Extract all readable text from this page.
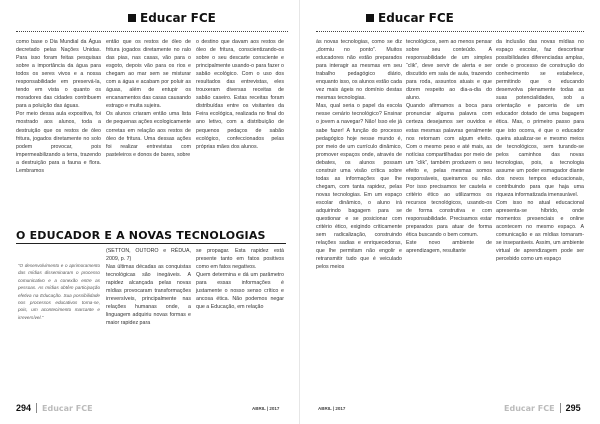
Educar FCE
como base o Dia Mundial da Água decretado pelas Nações Unidas. Para isso foram feitas pesquisas sobre a importância da água para todos os seres vivos e a nossa responsabilidade em preservá-la, tendo em vista o quanto os moradores das cidades contribuem para a poluição das águas.
Por meio dessa aula expositiva, foi mostrado aos alunos, toda a destruição que os restos de óleo fritura, jogados diretamente no solo podem provocar, pois impermeabilizando a terra, trazendo a destruição para a fauna e flora. Lembramos
então que os restos de óleo de fritura jogados diretamente no ralo das pias, nas casas, vão para o esgoto, depois vão para os rios e chegam ao mar sem se misturar com a água e acabam por poluir as águas, além de entupir os encanamentos das casas causando estrago e muita sujeira.
Os alunos criaram então uma lista de pequenas ações ecologicamente corretas em relação aos restos de óleo de fritura. Uma dessas ações foi realizar entrevistas com pasteleiros e donos de bares, sobre
o destino que davam aos restos de óleo de fritura, conscientizando-os sobre o seu descarte consciente e principalmente usando-o para fazer o sabão ecológico. Com o uso dos resultados das entrevistas, eles trouxeram diversas receitas de sabão caseiro. Estas receitas foram distribuídas entre os visitantes da Feira ecológica, realizada no final do ano letivo, com a distribuição de pequenos pedaços de sabão ecológico, confeccionados pelas próprias mães dos alunos.
O EDUCADOR E A NOVAS TECNOLOGIAS
“O desenvolvimento e o aprimoramento das mídias disseminaram o processo comunicativo e a conexão entre as pessoas. As mídias obtêm participação efetiva na Educação. Sua possibilidade nos processos educativos torna-se, pois, um acontecimento marcante e irreversível.”
(SETTON, OUTORO e RÉDUA, 2009, p. 7)
Nas últimas décadas as conquistas tecnológicas são inegáveis. A rapidez alcançada pelas novas mídias provocaram transformações irreversíveis, principalmente nas relações humanas onde, a linguagem adquiriu novas formas e maior rapidez para
se propagar. Esta rapidez está presente tanto em fatos positivos como em fatos negativos.
Quem determina e dá um parâmetro para essas informações é justamente o nosso senso crítico e ancosa ética. Não podemos negar que a Educação, em relação
294 Educar FCE	ABRIL | 2017
Educar FCE
às novas tecnologias, como se diz „dormiu no ponto”. Muitos educadores não estão preparados para interagir as mesmas em seu trabalho pedagógico diário, enquanto isso, os alunos estão cada vez mais ágeis no domínio destas mesmas tecnologias.
Mas, qual seria o papel da escola nesse cenário tecnológico? Ensinar o jovem a navegar? Não! Isso ele já sabe fazer! A função do processo pedagógico hoje nesse mundo é, por meio de um currículo dinâmico, promover espaços onde, através de debates, os alunos possam construir uma visão crítica sobre todas as informações que lhe chegam, com tanta rapidez, pelas novas tecnologias. Em um espaço escolar dinâmico, o aluno irá adquirindo bagagem para se questionar e se posicionar com critério ético, exigindo criticamente sem radicalização, construindo relações sadias e enriquecedoras, que lhe permitam não engolir e retransmitir tudo que é veiculado pelos meios
tecnológicos, sem ao menos pensar sobre seu conteúdo. A responsabilidade de um simples “clik”, deve servir de alerta e ser discutido em sala de aula, trazendo para roda, assuntos atuais e que dizem respeito ao dia-a-dia do aluno.
Quando afirmamos a boca para pronunciar alguma palavra com certeza desejamos ser ouvidos e estas mesmas palavras geralmente nos retornam com algum efeito. Com o mesmo peso e até mais, as notícias compartilhadas por meio de um “clik”, também produzem o seu efeito e, pelas mesmas somos responsáveis, queiramos ou não. Por isso precisamos ter cautela e critério ético ao utilizarmos os recursos tecnológicos, usando-os de forma construtiva e com responsabilidade. Precisamos estar preparados para atuar de forma ética buscando o bem comum.
Este novo ambiente de aprendizagem, resultante
da inclusão das novas mídias no espaço escolar, faz descortinar possibilidades diferenciadas amplas, onde o processo de construção do conhecimento se estabelece, permitindo que o educando desenvolva plenamente todas as suas potencialidades, sob a orientação e parceria de um educador dotado de uma bagagem ética. Mas, o primeiro passo para que isto ocorra, é que o educador queira atualizar-se e mesmo meios de tecnológicos, sem turando-se pelos caminhos das novas tecnologias, pois, a tecnologia assume um poder esmagador diante dos novos tempos educacionais, contribuindo para que haja uma riqueza informatizada imensurável.
Com isso no atual educacional apresenta-se híbrido, onde momentos presenciais e online acontecem no mesmo espaço. A comunicação e as mídias tornaram-se inseparáveis. Assim, um ambiente virtual de aprendizagem pode ser percebido como um espaço
ABRIL | 2017	Educar FCE 295
